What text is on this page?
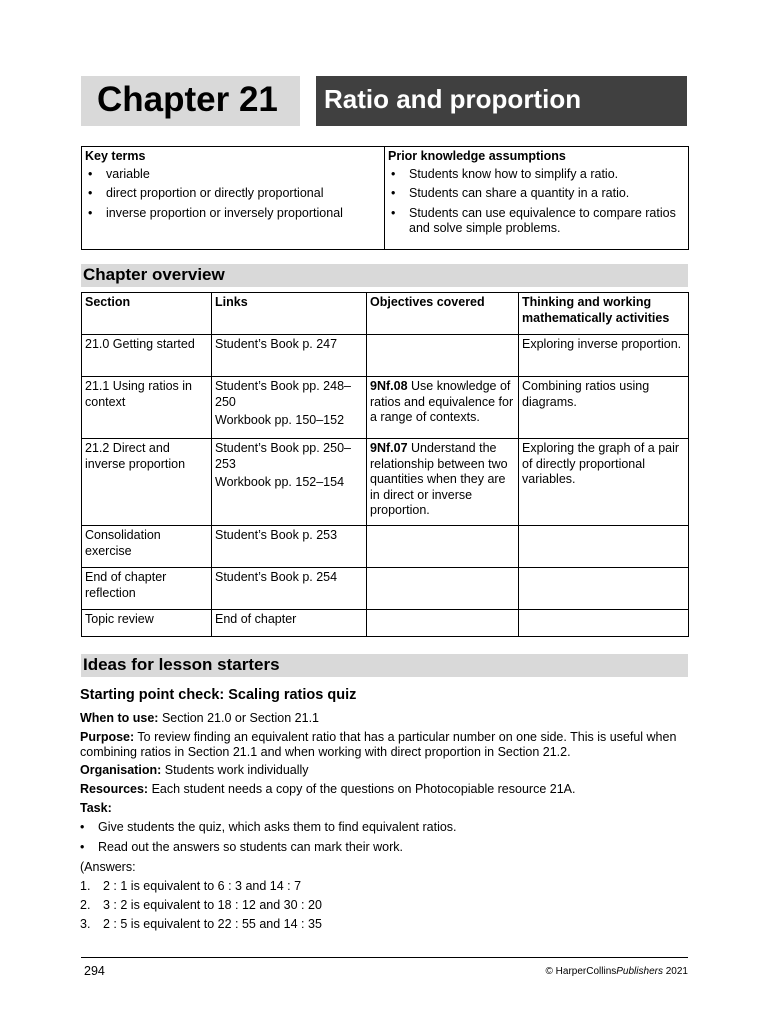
Chapter 21 Ratio and proportion
Key terms
• variable
• direct proportion or directly proportional
• inverse proportion or inversely proportional

Prior knowledge assumptions
• Students know how to simplify a ratio.
• Students can share a quantity in a ratio.
• Students can use equivalence to compare ratios and solve simple problems.
Chapter overview
Section	Links	Objectives covered	Thinking and working mathematically activities
21.0 Getting started	Student’s Book p. 247		Exploring inverse proportion.
21.1 Using ratios in context	Student’s Book pp. 248–250
Workbook pp. 150–152	9Nf.08 Use knowledge of ratios and equivalence for a range of contexts.	Combining ratios using diagrams.
21.2 Direct and inverse proportion	Student’s Book pp. 250–253
Workbook pp. 152–154	9Nf.07 Understand the relationship between two quantities when they are in direct or inverse proportion.	Exploring the graph of a pair of directly proportional variables.
Consolidation exercise	Student’s Book p. 253		

End of chapter reflection	Student’s Book p. 254		

Topic review	End of chapter		

Ideas for lesson starters
Starting point check: Scaling ratios quiz

When to use: Section 21.0 or Section 21.1

Purpose: To review finding an equivalent ratio that has a particular number on one side. This is useful when combining ratios in Section 21.1 and when working with direct proportion in Section 21.2.

Organisation: Students work individually

Resources: Each student needs a copy of the questions on Photocopiable resource 21A.

Task:

• Give students the quiz, which asks them to find equivalent ratios.
• Read out the answers so students can mark their work.

(Answers:

1. 2 : 1 is equivalent to 6 : 3 and 14 : 7
2. 3 : 2 is equivalent to 18 : 12 and 30 : 20
3. 2 : 5 is equivalent to 22 : 55 and 14 : 35
294	© HarperCollinsPublishers 2021
